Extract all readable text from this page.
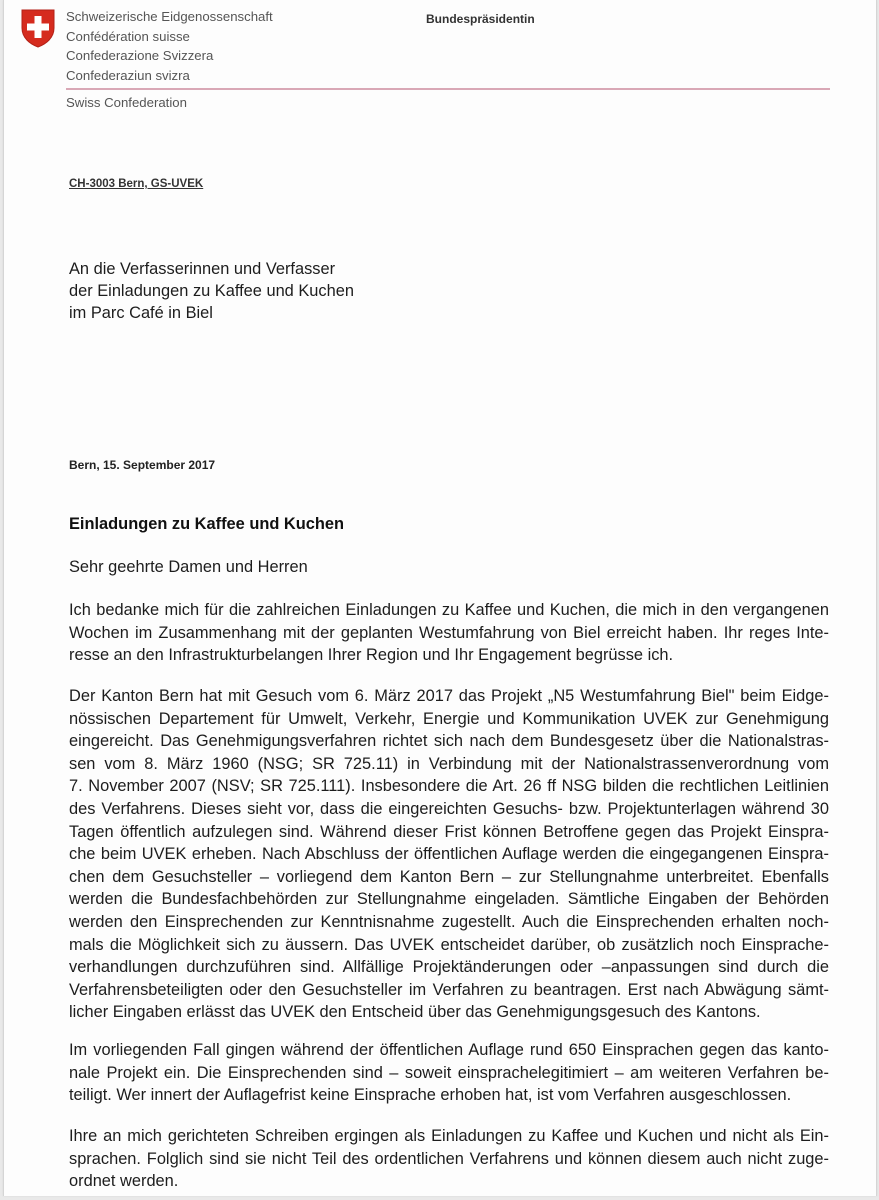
Schweizerische Eidgenossenschaft
Confédération suisse
Confederazione Svizzera
Confederaziun svizra
Bundespräsidentin
Swiss Confederation
CH-3003 Bern, GS-UVEK
An die Verfasserinnen und Verfasser
der Einladungen zu Kaffee und Kuchen
im Parc Café in Biel
Bern, 15. September 2017
Einladungen zu Kaffee und Kuchen
Sehr geehrte Damen und Herren
Ich bedanke mich für die zahlreichen Einladungen zu Kaffee und Kuchen, die mich in den vergangenen
Wochen im Zusammenhang mit der geplanten Westumfahrung von Biel erreicht haben. Ihr reges Inte-
resse an den Infrastrukturbelangen Ihrer Region und Ihr Engagement begrüsse ich.
Der Kanton Bern hat mit Gesuch vom 6. März 2017 das Projekt „N5 Westumfahrung Biel" beim Eidge-
nössischen Departement für Umwelt, Verkehr, Energie und Kommunikation UVEK zur Genehmigung
eingereicht. Das Genehmigungsverfahren richtet sich nach dem Bundesgesetz über die Nationalstras-
sen vom 8. März 1960 (NSG; SR 725.11) in Verbindung mit der Nationalstrassenverordnung vom
7. November 2007 (NSV; SR 725.111). Insbesondere die Art. 26 ff NSG bilden die rechtlichen Leitlinien
des Verfahrens. Dieses sieht vor, dass die eingereichten Gesuchs- bzw. Projektunterlagen während 30
Tagen öffentlich aufzulegen sind. Während dieser Frist können Betroffene gegen das Projekt Einspra-
che beim UVEK erheben. Nach Abschluss der öffentlichen Auflage werden die eingegangenen Einspra-
chen dem Gesuchsteller – vorliegend dem Kanton Bern – zur Stellungnahme unterbreitet. Ebenfalls
werden die Bundesfachbehörden zur Stellungnahme eingeladen. Sämtliche Eingaben der Behörden
werden den Einsprechenden zur Kenntnisnahme zugestellt. Auch die Einsprechenden erhalten noch-
mals die Möglichkeit sich zu äussern. Das UVEK entscheidet darüber, ob zusätzlich noch Einsprache-
verhandlungen durchzuführen sind. Allfällige Projektänderungen oder –anpassungen sind durch die
Verfahrensbeteiligten oder den Gesuchsteller im Verfahren zu beantragen. Erst nach Abwägung sämt-
licher Eingaben erlässt das UVEK den Entscheid über das Genehmigungsgesuch des Kantons.
Im vorliegenden Fall gingen während der öffentlichen Auflage rund 650 Einsprachen gegen das kanto-
nale Projekt ein. Die Einsprechenden sind – soweit einsprachelegitimiert – am weiteren Verfahren be-
teiligt. Wer innert der Auflagefrist keine Einsprache erhoben hat, ist vom Verfahren ausgeschlossen.
Ihre an mich gerichteten Schreiben ergingen als Einladungen zu Kaffee und Kuchen und nicht als Ein-
sprachen. Folglich sind sie nicht Teil des ordentlichen Verfahrens und können diesem auch nicht zuge-
ordnet werden.
